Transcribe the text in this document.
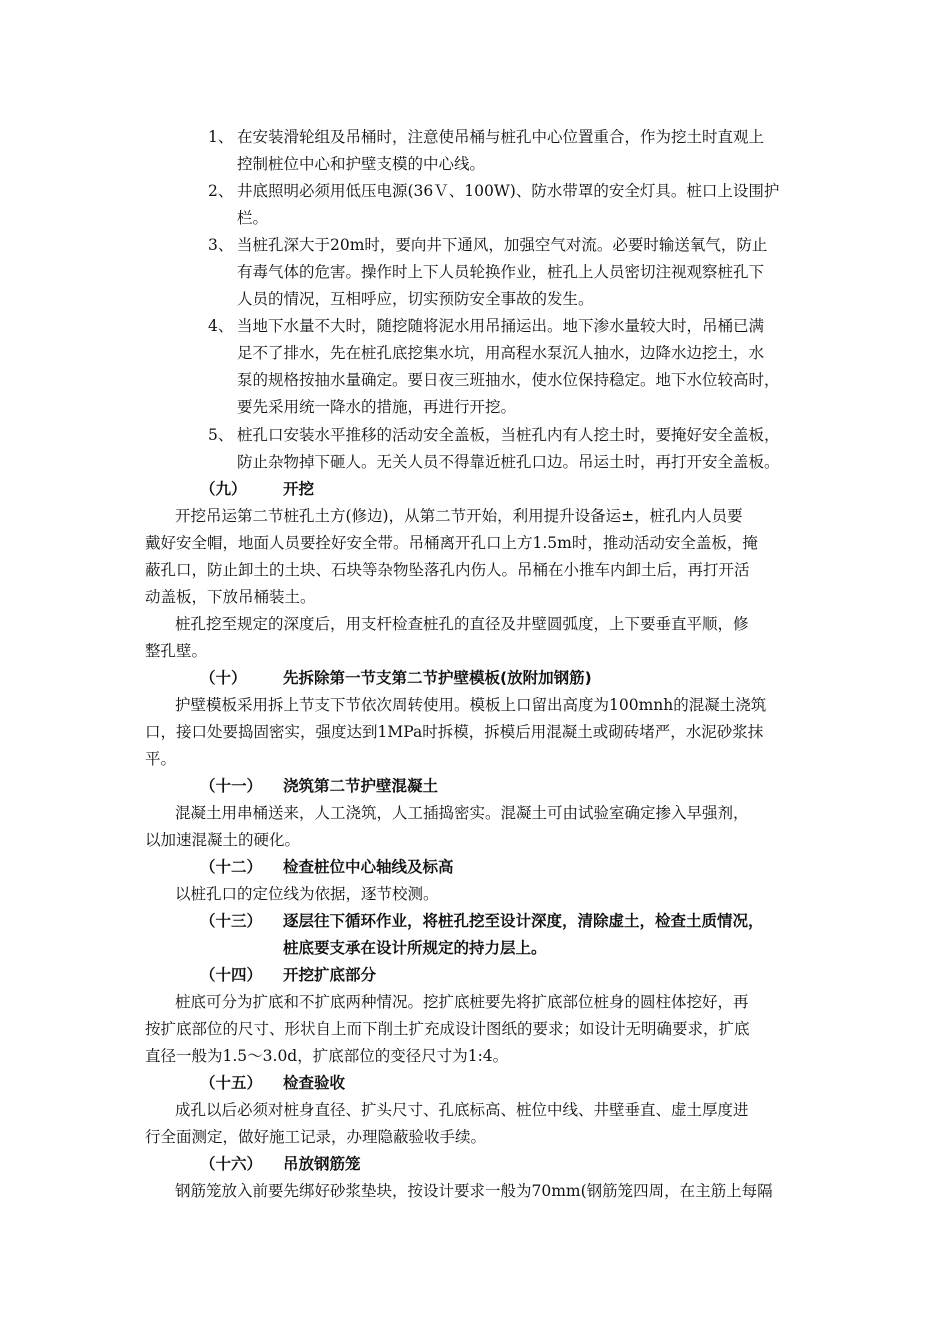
1、 在安装滑轮组及吊桶时，注意使吊桶与桩孔中心位置重合，作为挖土时直观上
控制桩位中心和护壁支模的中心线。
2、 井底照明必须用低压电源(36Ｖ、100W)、防水带罩的安全灯具。桩口上设围护
栏。
3、 当桩孔深大于20m时，要向井下通风，加强空气对流。必要时输送氧气，防止
有毒气体的危害。操作时上下人员轮换作业，桩孔上人员密切注视观察桩孔下
人员的情况，互相呼应，切实预防安全事故的发生。
4、 当地下水量不大时，随挖随将泥水用吊捅运出。地下渗水量较大时，吊桶已满
足不了排水，先在桩孔底挖集水坑，用高程水泵沉人抽水，边降水边挖土，水
泵的规格按抽水量确定。要日夜三班抽水，使水位保持稳定。地下水位较高时，
要先采用统一降水的措施，再进行开挖。
5、 桩孔口安装水平推移的活动安全盖板，当桩孔内有人挖土时，要掩好安全盖板，
防止杂物掉下砸人。无关人员不得靠近桩孔口边。吊运土时，再打开安全盖板。
（九） 开挖
开挖吊运第二节桩孔土方(修边)，从第二节开始，利用提升设备运±，桩孔内人员要
戴好安全帽，地面人员要拴好安全带。吊桶离开孔口上方1.5m时，推动活动安全盖板，掩
蔽孔口，防止卸土的土块、石块等杂物坠落孔内伤人。吊桶在小推车内卸土后，再打开活
动盖板，下放吊桶装土。
桩孔挖至规定的深度后，用支杆检查桩孔的直径及井壁圆弧度，上下要垂直平顺，修
整孔壁。
（十） 先拆除第一节支第二节护壁模板(放附加钢筋)
护壁模板采用拆上节支下节依次周转使用。模板上口留出高度为100mnh的混凝土浇筑
口，接口处要捣固密实，强度达到1MPa时拆模，拆模后用混凝土或砌砖堵严，水泥砂浆抹
平。
（十一） 浇筑第二节护壁混凝土
混凝土用串桶送来，人工浇筑，人工插捣密实。混凝土可由试验室确定掺入早强剂，
以加速混凝土的硬化。
（十二） 检查桩位中心轴线及标高
以桩孔口的定位线为依据，逐节校测。
（十三） 逐层往下循环作业，将桩孔挖至设计深度，清除虚土，检查土质情况，
桩底要支承在设计所规定的持力层上。
（十四） 开挖扩底部分
桩底可分为扩底和不扩底两种情况。挖扩底桩要先将扩底部位桩身的圆柱体挖好，再
按扩底部位的尺寸、形状自上而下削土扩充成设计图纸的要求；如设计无明确要求，扩底
直径一般为1.5～3.0d，扩底部位的变径尺寸为1:4。
（十五） 检查验收
成孔以后必须对桩身直径、扩头尺寸、孔底标高、桩位中线、井壁垂直、虚土厚度进
行全面测定，做好施工记录，办理隐蔽验收手续。
（十六） 吊放钢筋笼
钢筋笼放入前要先绑好砂浆垫块，按设计要求一般为70mm(钢筋笼四周，在主筋上每隔
